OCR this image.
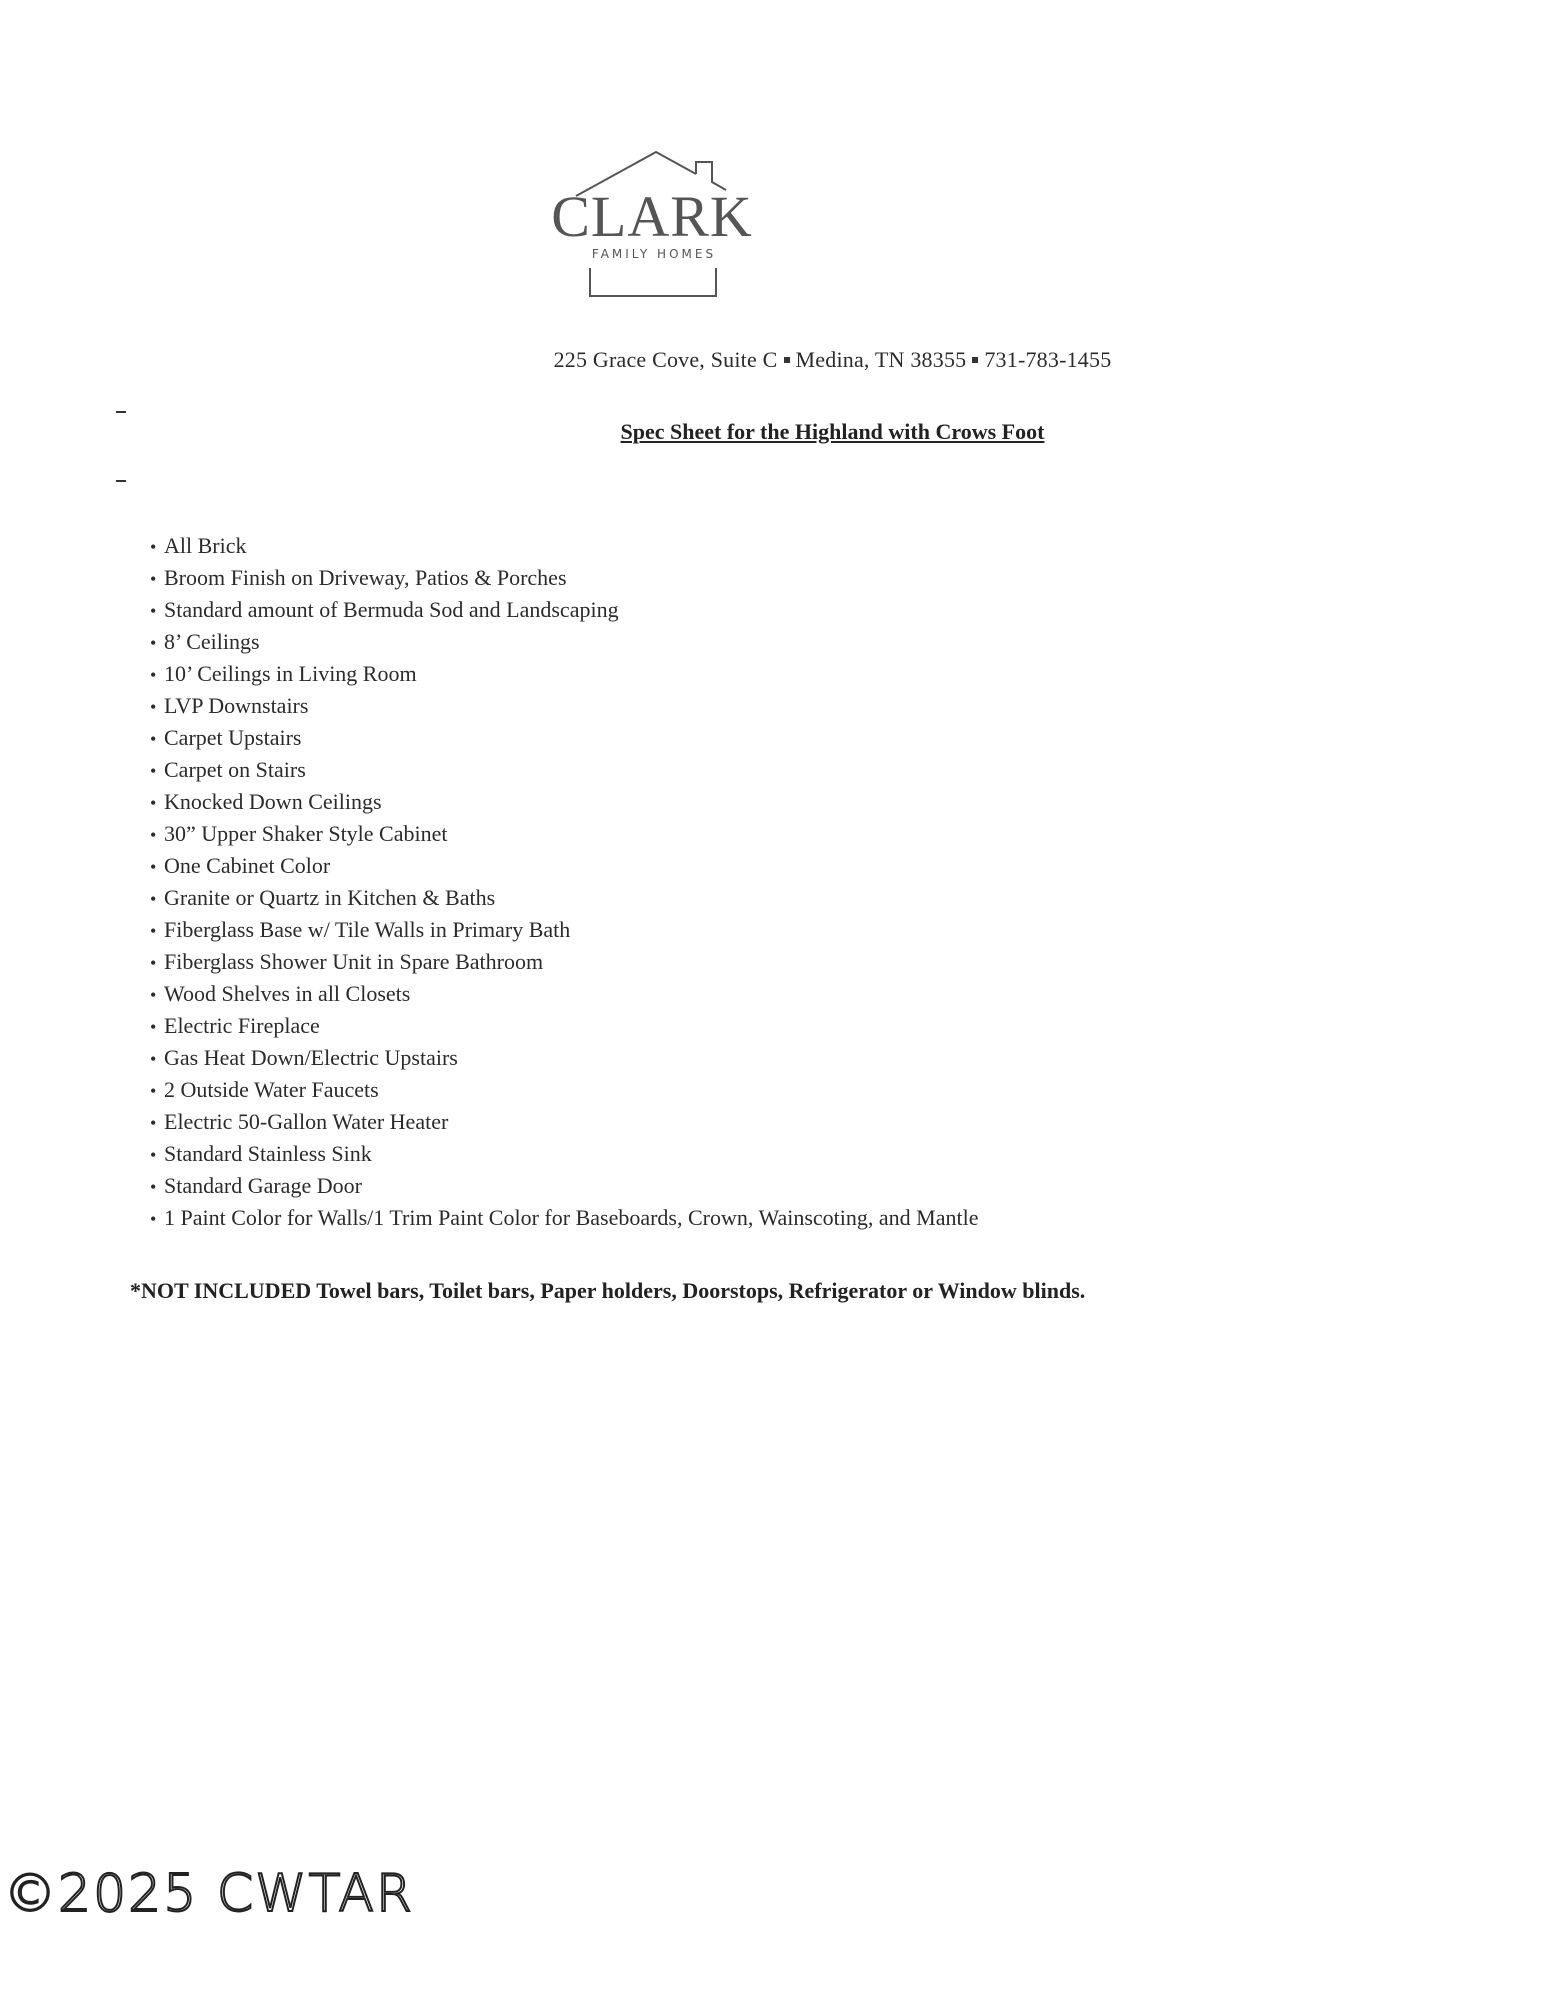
CLARK
FAMILY HOMES
225 Grace Cove, Suite C Medina, TN 38355 731-783-1455
Spec Sheet for the Highland with Crows Foot
• All Brick
• Broom Finish on Driveway, Patios & Porches
• Standard amount of Bermuda Sod and Landscaping
• 8’ Ceilings
• 10’ Ceilings in Living Room
• LVP Downstairs
• Carpet Upstairs
• Carpet on Stairs
• Knocked Down Ceilings
• 30” Upper Shaker Style Cabinet
• One Cabinet Color
• Granite or Quartz in Kitchen & Baths
• Fiberglass Base w/ Tile Walls in Primary Bath
• Fiberglass Shower Unit in Spare Bathroom
• Wood Shelves in all Closets
• Electric Fireplace
• Gas Heat Down/Electric Upstairs
• 2 Outside Water Faucets
• Electric 50-Gallon Water Heater
• Standard Stainless Sink
• Standard Garage Door
• 1 Paint Color for Walls/1 Trim Paint Color for Baseboards, Crown, Wainscoting, and Mantle
*NOT INCLUDED Towel bars, Toilet bars, Paper holders, Doorstops, Refrigerator or Window blinds.
©2025 CWTAR
